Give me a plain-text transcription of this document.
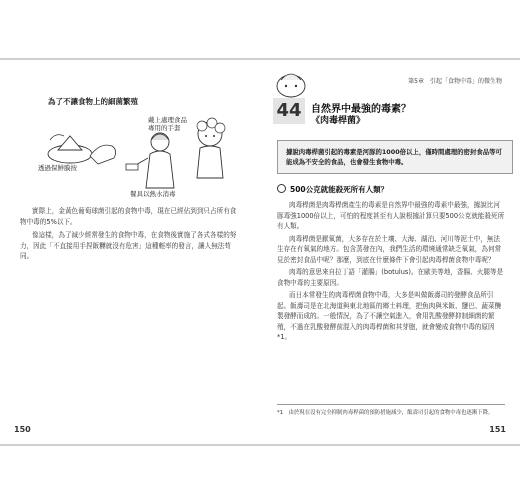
為了不讓食物上的細菌繁殖
透過保鮮膜按
戴上處理食品
專用的手套
餐具以熱水消毒

實際上，金黃色葡萄球菌引起的食物中毒，現在已經佔到到只占所有食物中毒的5%以下。

像這樣，為了減少經常發生的食物中毒，在食物後實施了各式各樣的努力，因此「不直接用手捏飯糰就沒有危害」這種輕率的發言，讓人無法苟同。

150
第5章　引起「食物中毒」的微生物
44 自然界中最強的毒素？
《肉毒桿菌》
據說肉毒桿菌引起的毒素是河豚的1000倍以上，僅時間處理的密封食品等可能成為不安全的食品，也會發生食物中毒。
500公克就能殺死所有人類？

肉毒桿菌是肉毒桿菌產生的毒素是自然界中最強的毒素中最強，據說比河豚毒強1000倍以上，可怕的程度甚至有人說根據計算只要500公克就能殺死所有人類。

肉毒桿菌是厭氧菌，大多存在於土壤、大海、湖泊、河川等泥土中，無法生存在有氧氣的地方。包含蒸發在內，我們生活的環境通常缺乏氧氣，為何常見於密封食品中呢？那麼，到底在什麼條件下會引起肉毒桿菌食物中毒呢？

肉毒的意思來自拉丁語「灌腸」(botulus)。在歐美等地，香腸、火腿等是食物中毒的主要原因。

而日本常發生的肉毒桿菌食物中毒，大多是叫做飯壽司的發酵食品所引起。飯壽司是在北海道與東北地區的鄉土料理，把魚肉與米飯、鹽巴、蔬菜醃製發酵而成的。一般情況，為了不讓空氣進入，會用乳酸發酵抑制細菌的繁殖，不過在乳酸發酵前混入的肉毒桿菌和其芽胞，就會變成食物中毒的原因*1。

*1　由於現在沒有完全抑制肉毒桿菌的預防措施減少，飯壽司引起的食物中毒也逐漸下降。
151
